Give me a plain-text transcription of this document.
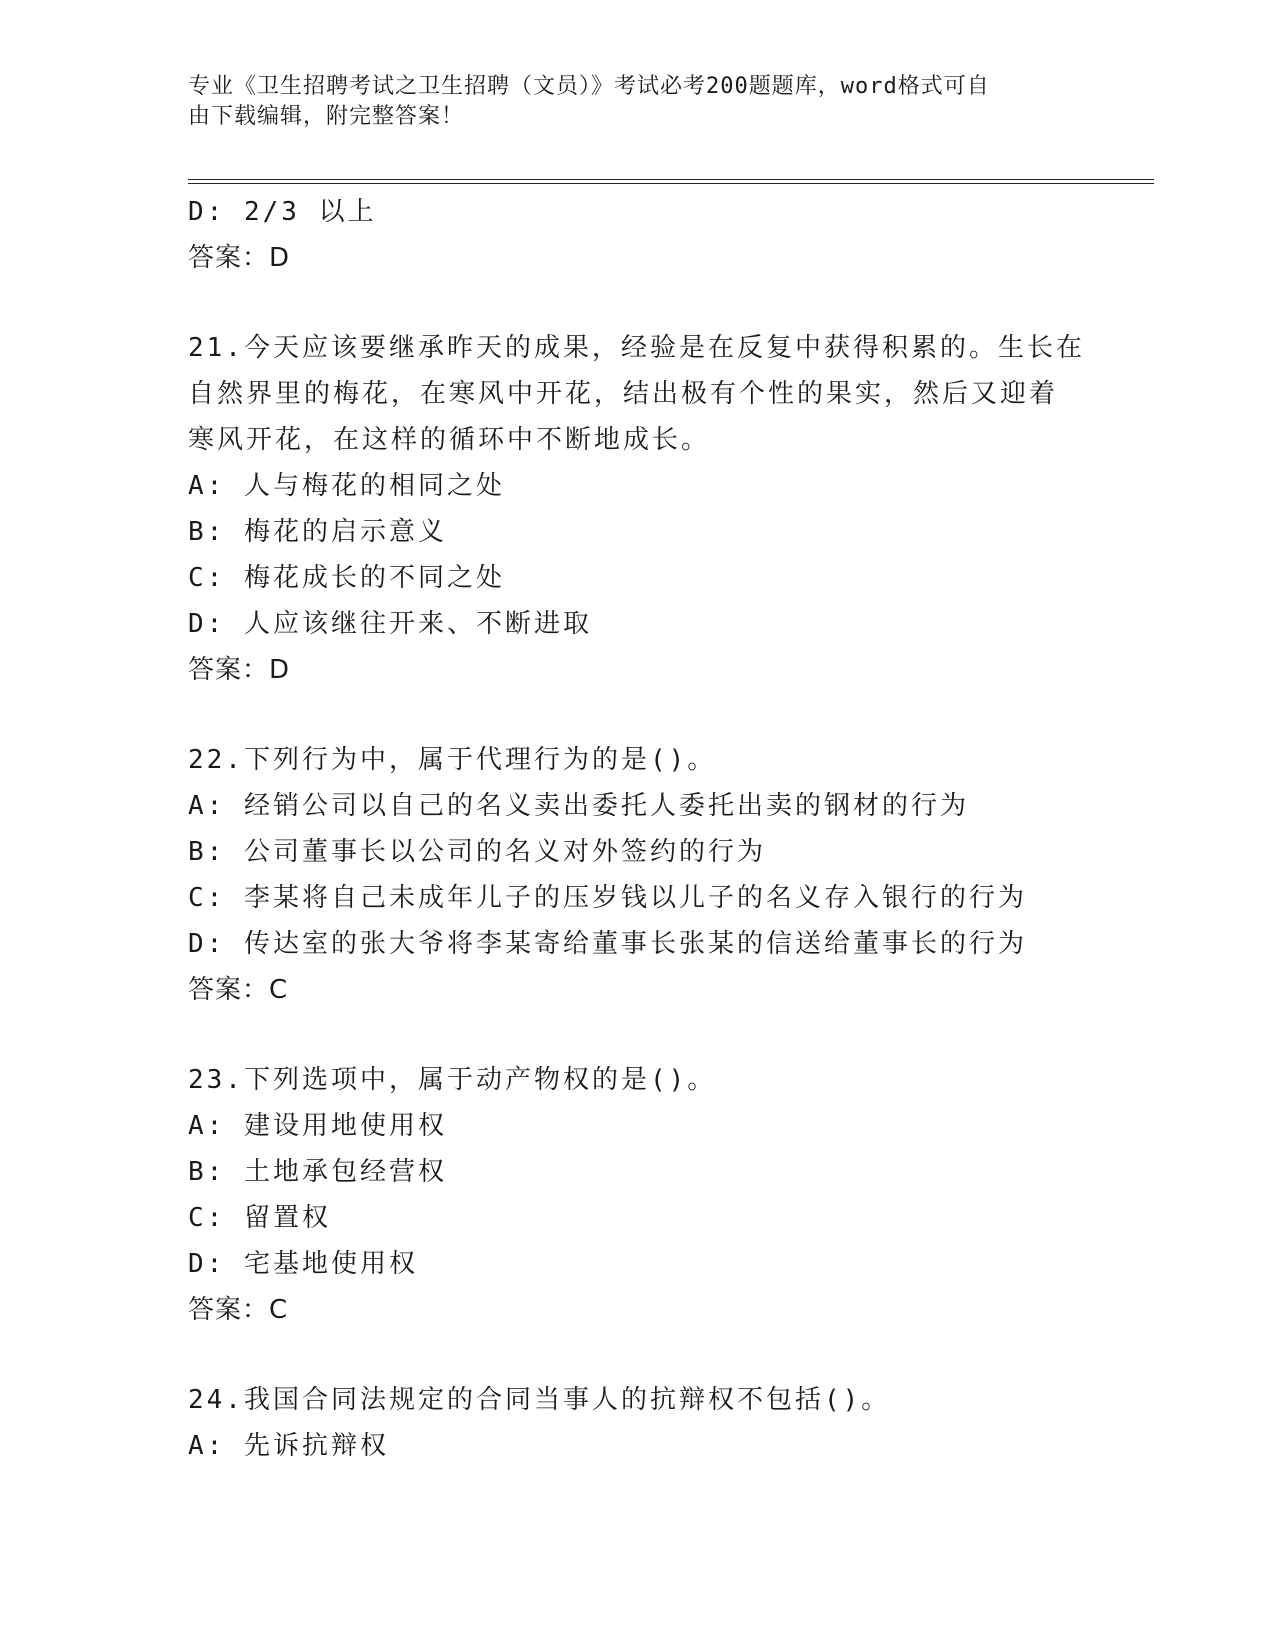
专业《卫生招聘考试之卫生招聘（文员）》考试必考200题题库，word格式可自
由下载编辑，附完整答案！
D: 2/3 以上
答案：D
21.今天应该要继承昨天的成果，经验是在反复中获得积累的。生长在
自然界里的梅花，在寒风中开花，结出极有个性的果实，然后又迎着
寒风开花，在这样的循环中不断地成长。
A: 人与梅花的相同之处
B: 梅花的启示意义
C: 梅花成长的不同之处
D: 人应该继往开来、不断进取
答案：D
22.下列行为中，属于代理行为的是()。
A: 经销公司以自己的名义卖出委托人委托出卖的钢材的行为
B: 公司董事长以公司的名义对外签约的行为
C: 李某将自己未成年儿子的压岁钱以儿子的名义存入银行的行为
D: 传达室的张大爷将李某寄给董事长张某的信送给董事长的行为
答案：C
23.下列选项中，属于动产物权的是()。
A: 建设用地使用权
B: 土地承包经营权
C: 留置权
D: 宅基地使用权
答案：C
24.我国合同法规定的合同当事人的抗辩权不包括()。
A: 先诉抗辩权
